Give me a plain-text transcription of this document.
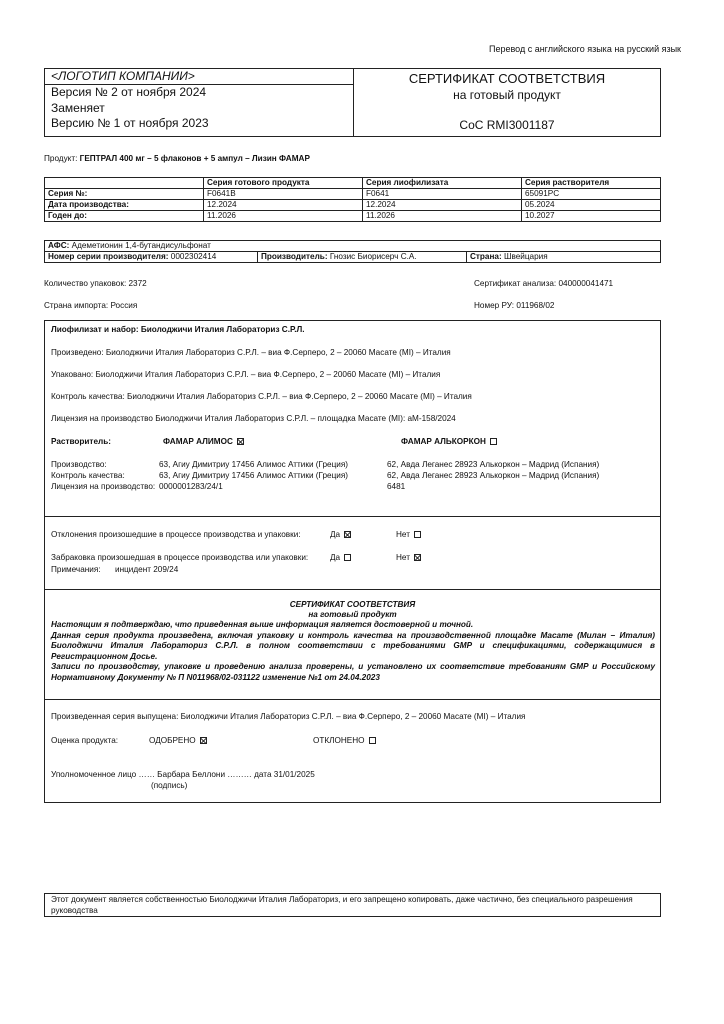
Перевод с английского языка на русский язык
<ЛОГОТИП КОМПАНИИ>
Версия № 2 от ноября 2024
Заменяет
Версию № 1 от ноября 2023
СЕРТИФИКАТ СООТВЕТСТВИЯ
на готовый продукт
CoC RMI3001187
Продукт: ГЕПТРАЛ 400 мг – 5 флаконов + 5 ампул – Лизин ФАМАР
	Серия готового продукта	Серия лиофилизата	Серия растворителя
Серия №:	F0641B	F0641	65091PC
Дата производства:	12.2024	12.2024	05.2024
Годен до:	11.2026	11.2026	10.2027
АФС: Адеметионин 1,4-бутандисульфонат
Номер серии производителя: 0002302414	Производитель: Гнозис Биорисерч С.А.	Страна: Швейцария
Количество упаковок: 2372	Сертификат анализа: 040000041471
Страна импорта: Россия	Номер РУ: 011968/02
Лиофилизат и набор: Биолоджичи Италия Лабораториз С.Р.Л.
Произведено: Биолоджичи Италия Лабораториз С.Р.Л. – виа Ф.Серперо, 2 – 20060 Масате (MI) – Италия
Упаковано: Биолоджичи Италия Лабораториз С.Р.Л. – виа Ф.Серперо, 2 – 20060 Масате (MI) – Италия
Контроль качества: Биолоджичи Италия Лабораториз С.Р.Л. – виа Ф.Серперо, 2 – 20060 Масате (MI) – Италия
Лицензия на производство Биолоджичи Италия Лабораториз С.Р.Л. – площадка Масате (MI): aM-158/2024
Растворитель:	ФАМАР АЛИМОС	ФАМАР АЛЬКОРКОН
Производство:	63, Агиу Димитриу 17456 Алимос Аттики (Греция)	62, Авда Леганес 28923 Алькоркон – Мадрид (Испания)
Контроль качества:	63, Агиу Димитриу 17456 Алимос Аттики (Греция)	62, Авда Леганес 28923 Алькоркон – Мадрид (Испания)
Лицензия на производство: 0000001283/24/1	6481
Отклонения произошедшие в процессе производства и упаковки:	Да	Нет
Забраковка произошедшая в процессе производства или упаковки:	Да	Нет
Примечания: инцидент 209/24
СЕРТИФИКАТ СООТВЕТСТВИЯ
на готовый продукт
Настоящим я подтверждаю, что приведенная выше информация является достоверной и точной.
Данная серия продукта произведена, включая упаковку и контроль качества на производственной площадке Масате (Милан – Италия) Биолоджичи Италия Лабораториз С.Р.Л. в полном соответствии с требованиями GMP и спецификациями, содержащимися в Регистрационном Досье.
Записи по производству, упаковке и проведению анализа проверены, и установлено их соответствие требованиям GMP и Российскому Нормативному Документу № П N011968/02-031122 изменение №1 от 24.04.2023
Произведенная серия выпущена: Биолоджичи Италия Лабораториз С.Р.Л. – виа Ф.Серперо, 2 – 20060 Масате (MI) – Италия
Оценка продукта:	ОДОБРЕНО	ОТКЛОНЕНО
Уполномоченное лицо …… Барбара Беллони ……… дата 31/01/2025
(подпись)
Этот документ является собственностью Биолоджичи Италия Лабораториз, и его запрещено копировать, даже частично, без специального разрешения руководства
